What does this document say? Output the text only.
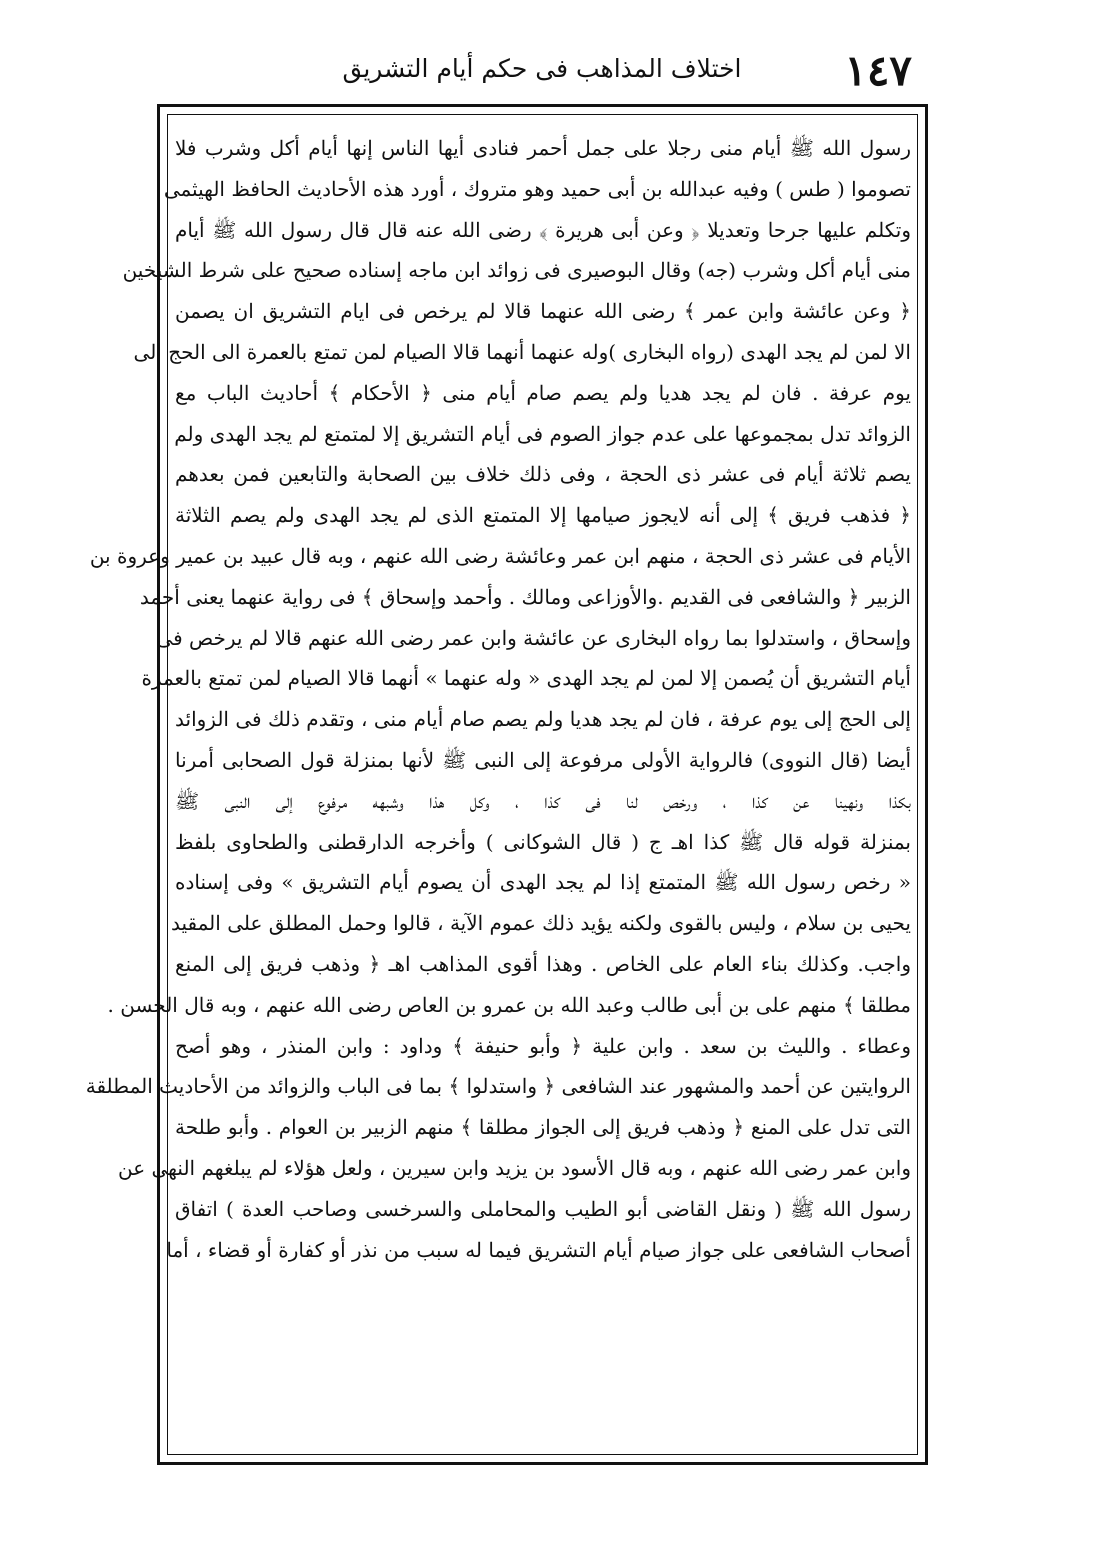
١٤٧
اختلاف المذاهب فى حكم أيام التشريق
رسول الله ﷺ أيام منى رجلا على جمل أحمر فنادى أيها الناس إنها أيام أكل وشرب فلا
تصوموا ( طس ) وفيه عبدالله بن أبى حميد وهو متروك ، أورد هذه الأحاديث الحافظ الهيثمى
وتكلم عليها جرحا وتعديلا ﴿ وعن أبى هريرة ﴾ رضى الله عنه قال قال رسول الله ﷺ أيام
منى أيام أكل وشرب (جه) وقال البوصيرى فى زوائد ابن ماجه إسناده صحيح على شرط الشيخين
﴿ وعن عائشة وابن عمر ﴾ رضى الله عنهما قالا لم يرخص فى ايام التشريق ان يصمن
الا لمن لم يجد الهدى (رواه البخارى )وله عنهما أنهما قالا الصيام لمن تمتع بالعمرة الى الحج الى
يوم عرفة . فان لم يجد هديا ولم يصم صام أيام منى ﴿ الأحكام ﴾ أحاديث الباب مع
الزوائد تدل بمجموعها على عدم جواز الصوم فى أيام التشريق إلا لمتمتع لم يجد الهدى ولم
يصم ثلاثة أيام فى عشر ذى الحجة ، وفى ذلك خلاف بين الصحابة والتابعين فمن بعدهم
﴿ فذهب فريق ﴾ إلى أنه لايجوز صيامها إلا المتمتع الذى لم يجد الهدى ولم يصم الثلاثة
الأيام فى عشر ذى الحجة ، منهم ابن عمر وعائشة رضى الله عنهم ، وبه قال عبيد بن عمير وعروة بن
الزبير ﴿ والشافعى فى القديم .والأوزاعى ومالك . وأحمد وإسحاق ﴾ فى رواية عنهما يعنى أحمد
وإسحاق ، واستدلوا بما رواه البخارى عن عائشة وابن عمر رضى الله عنهم قالا لم يرخص فى
أيام التشريق أن يُصمن إلا لمن لم يجد الهدى « وله عنهما » أنهما قالا الصيام لمن تمتع بالعمرة
إلى الحج إلى يوم عرفة ، فان لم يجد هديا ولم يصم صام أيام منى ، وتقدم ذلك فى الزوائد
أيضا (قال النووى) فالرواية الأولى مرفوعة إلى النبى ﷺ لأنها بمنزلة قول الصحابى أمرنا
بكذا ونهينا عن كذا ، ورخص لنا فى كذا ، وكل هذا وشبهه مرفوع إلى النبى ﷺ
بمنزلة قوله قال ﷺ كذا اهـ ج ( قال الشوكانى ) وأخرجه الدارقطنى والطحاوى بلفظ
« رخص رسول الله ﷺ المتمتع إذا لم يجد الهدى أن يصوم أيام التشريق » وفى إسناده
يحيى بن سلام ، وليس بالقوى ولكنه يؤيد ذلك عموم الآية ، قالوا وحمل المطلق على المقيد
واجب. وكذلك بناء العام على الخاص . وهذا أقوى المذاهب اهـ ﴿ وذهب فريق إلى المنع
مطلقا ﴾ منهم على بن أبى طالب وعبد الله بن عمرو بن العاص رضى الله عنهم ، وبه قال الحسن .
وعطاء . والليث بن سعد . وابن علية ﴿ وأبو حنيفة ﴾ وداود : وابن المنذر ، وهو أصح
الروايتين عن أحمد والمشهور عند الشافعى ﴿ واستدلوا ﴾ بما فى الباب والزوائد من الأحاديث المطلقة
التى تدل على المنع ﴿ وذهب فريق إلى الجواز مطلقا ﴾ منهم الزبير بن العوام . وأبو طلحة
وابن عمر رضى الله عنهم ، وبه قال الأسود بن يزيد وابن سيرين ، ولعل هؤلاء لم يبلغهم النهى عن
رسول الله ﷺ ( ونقل القاضى أبو الطيب والمحاملى والسرخسى وصاحب العدة ) اتفاق
أصحاب الشافعى على جواز صيام أيام التشريق فيما له سبب من نذر أو كفارة أو قضاء ، أما
